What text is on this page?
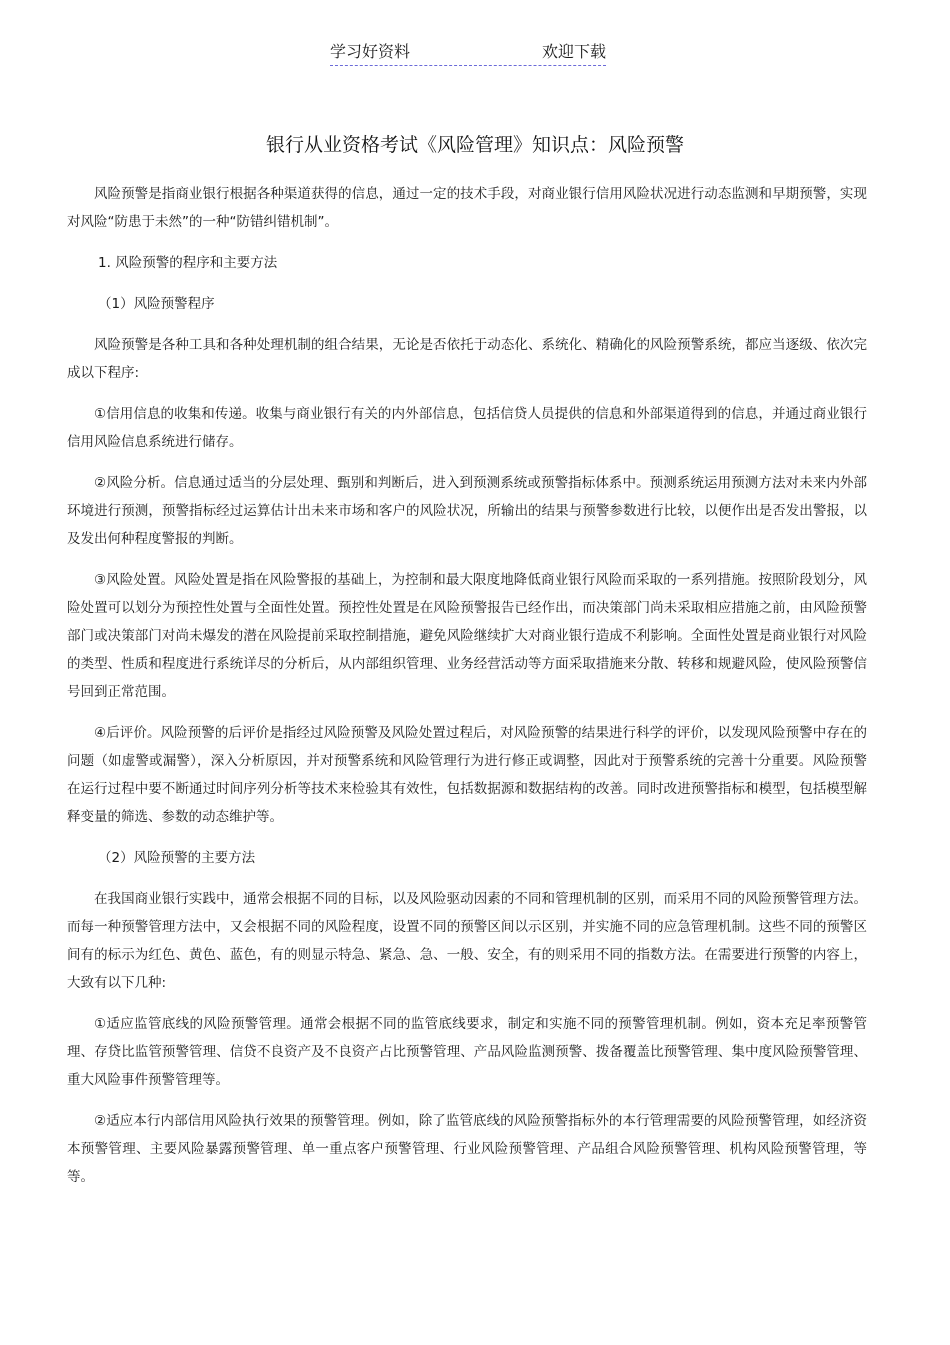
学习好资料	欢迎下载
银行从业资格考试《风险管理》知识点：风险预警

风险预警是指商业银行根据各种渠道获得的信息，通过一定的技术手段，对商业银行信用风险状况进行动态监测和早期预警，实现对风险“防患于未然”的一种“防错纠错机制”。

1. 风险预警的程序和主要方法

（1）风险预警程序

风险预警是各种工具和各种处理机制的组合结果，无论是否依托于动态化、系统化、精确化的风险预警系统，都应当逐级、依次完成以下程序:

①信用信息的收集和传递。收集与商业银行有关的内外部信息，包括信贷人员提供的信息和外部渠道得到的信息，并通过商业银行信用风险信息系统进行储存。

②风险分析。信息通过适当的分层处理、甄别和判断后，进入到预测系统或预警指标体系中。预测系统运用预测方法对未来内外部环境进行预测，预警指标经过运算估计出未来市场和客户的风险状况，所输出的结果与预警参数进行比较，以便作出是否发出警报，以及发出何种程度警报的判断。

③风险处置。风险处置是指在风险警报的基础上，为控制和最大限度地降低商业银行风险而采取的一系列措施。按照阶段划分，风险处置可以划分为预控性处置与全面性处置。预控性处置是在风险预警报告已经作出，而决策部门尚未采取相应措施之前，由风险预警部门或决策部门对尚未爆发的潜在风险提前采取控制措施，避免风险继续扩大对商业银行造成不利影响。全面性处置是商业银行对风险的类型、性质和程度进行系统详尽的分析后，从内部组织管理、业务经营活动等方面采取措施来分散、转移和规避风险，使风险预警信号回到正常范围。

④后评价。风险预警的后评价是指经过风险预警及风险处置过程后，对风险预警的结果进行科学的评价，以发现风险预警中存在的问题（如虚警或漏警），深入分析原因，并对预警系统和风险管理行为进行修正或调整，因此对于预警系统的完善十分重要。风险预警在运行过程中要不断通过时间序列分析等技术来检验其有效性，包括数据源和数据结构的改善。同时改进预警指标和模型，包括模型解释变量的筛选、参数的动态维护等。

（2）风险预警的主要方法

在我国商业银行实践中，通常会根据不同的目标，以及风险驱动因素的不同和管理机制的区别，而采用不同的风险预警管理方法。而每一种预警管理方法中，又会根据不同的风险程度，设置不同的预警区间以示区别，并实施不同的应急管理机制。这些不同的预警区间有的标示为红色、黄色、蓝色，有的则显示特急、紧急、急、一般、安全，有的则采用不同的指数方法。在需要进行预警的内容上，大致有以下几种:

①适应监管底线的风险预警管理。通常会根据不同的监管底线要求，制定和实施不同的预警管理机制。例如，资本充足率预警管理、存贷比监管预警管理、信贷不良资产及不良资产占比预警管理、产品风险监测预警、拨备覆盖比预警管理、集中度风险预警管理、重大风险事件预警管理等。

②适应本行内部信用风险执行效果的预警管理。例如，除了监管底线的风险预警指标外的本行管理需要的风险预警管理，如经济资本预警管理、主要风险暴露预警管理、单一重点客户预警管理、行业风险预警管理、产品组合风险预警管理、机构风险预警管理，等等。
